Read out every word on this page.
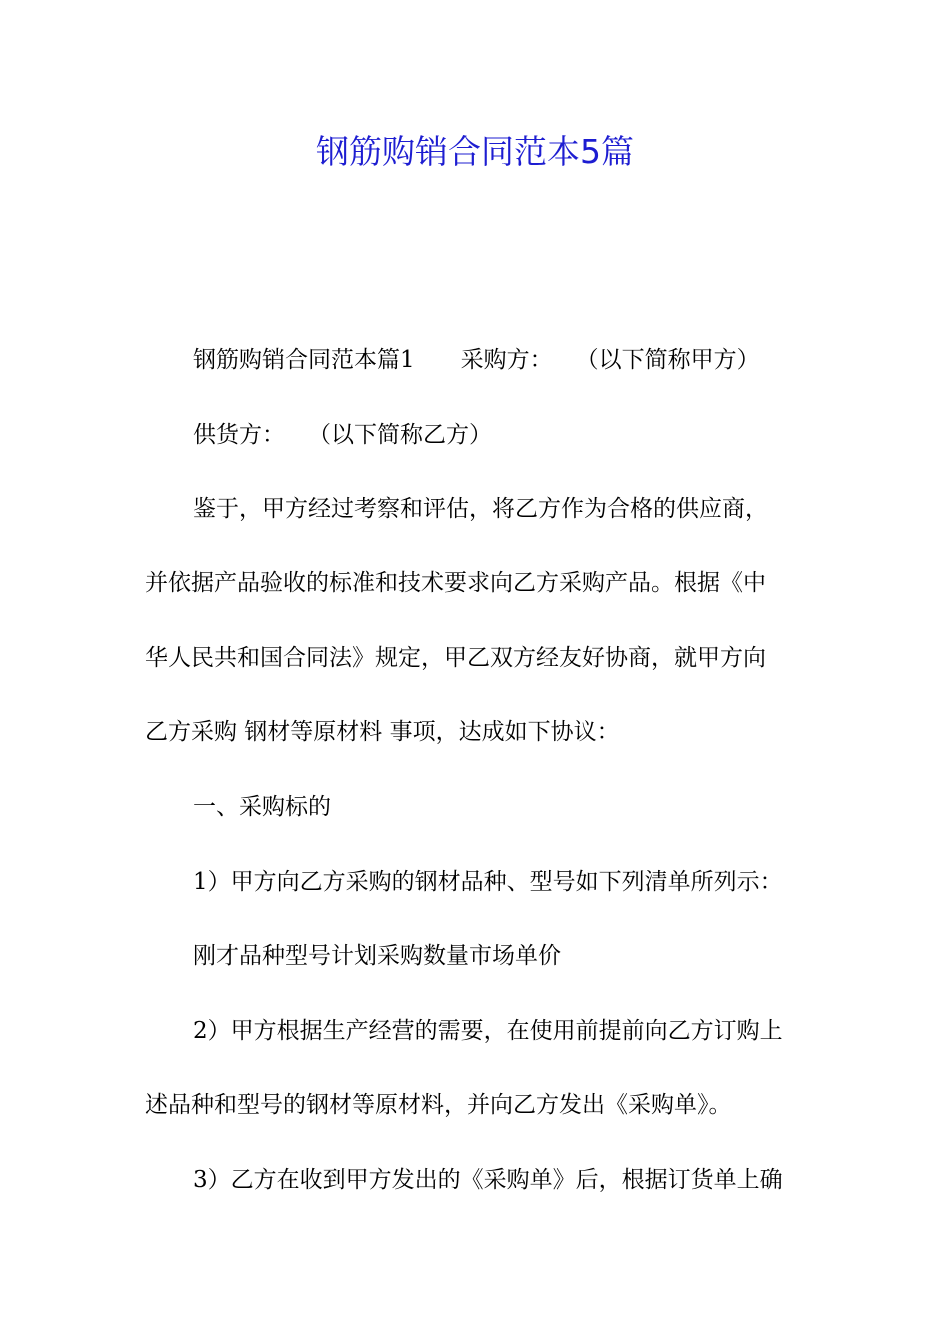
钢筋购销合同范本5篇
钢筋购销合同范本篇1　　采购方：　　（以下简称甲方）
供货方：　　（以下简称乙方）
鉴于，甲方经过考察和评估，将乙方作为合格的供应商，
并依据产品验收的标准和技术要求向乙方采购产品。根据《中
华人民共和国合同法》规定，甲乙双方经友好协商，就甲方向
乙方采购 钢材等原材料 事项，达成如下协议：
一、采购标的
1）甲方向乙方采购的钢材品种、型号如下列清单所列示：
刚才品种型号计划采购数量市场单价
2）甲方根据生产经营的需要，在使用前提前向乙方订购上
述品种和型号的钢材等原材料，并向乙方发出《采购单》。
3）乙方在收到甲方发出的《采购单》后，根据订货单上确
